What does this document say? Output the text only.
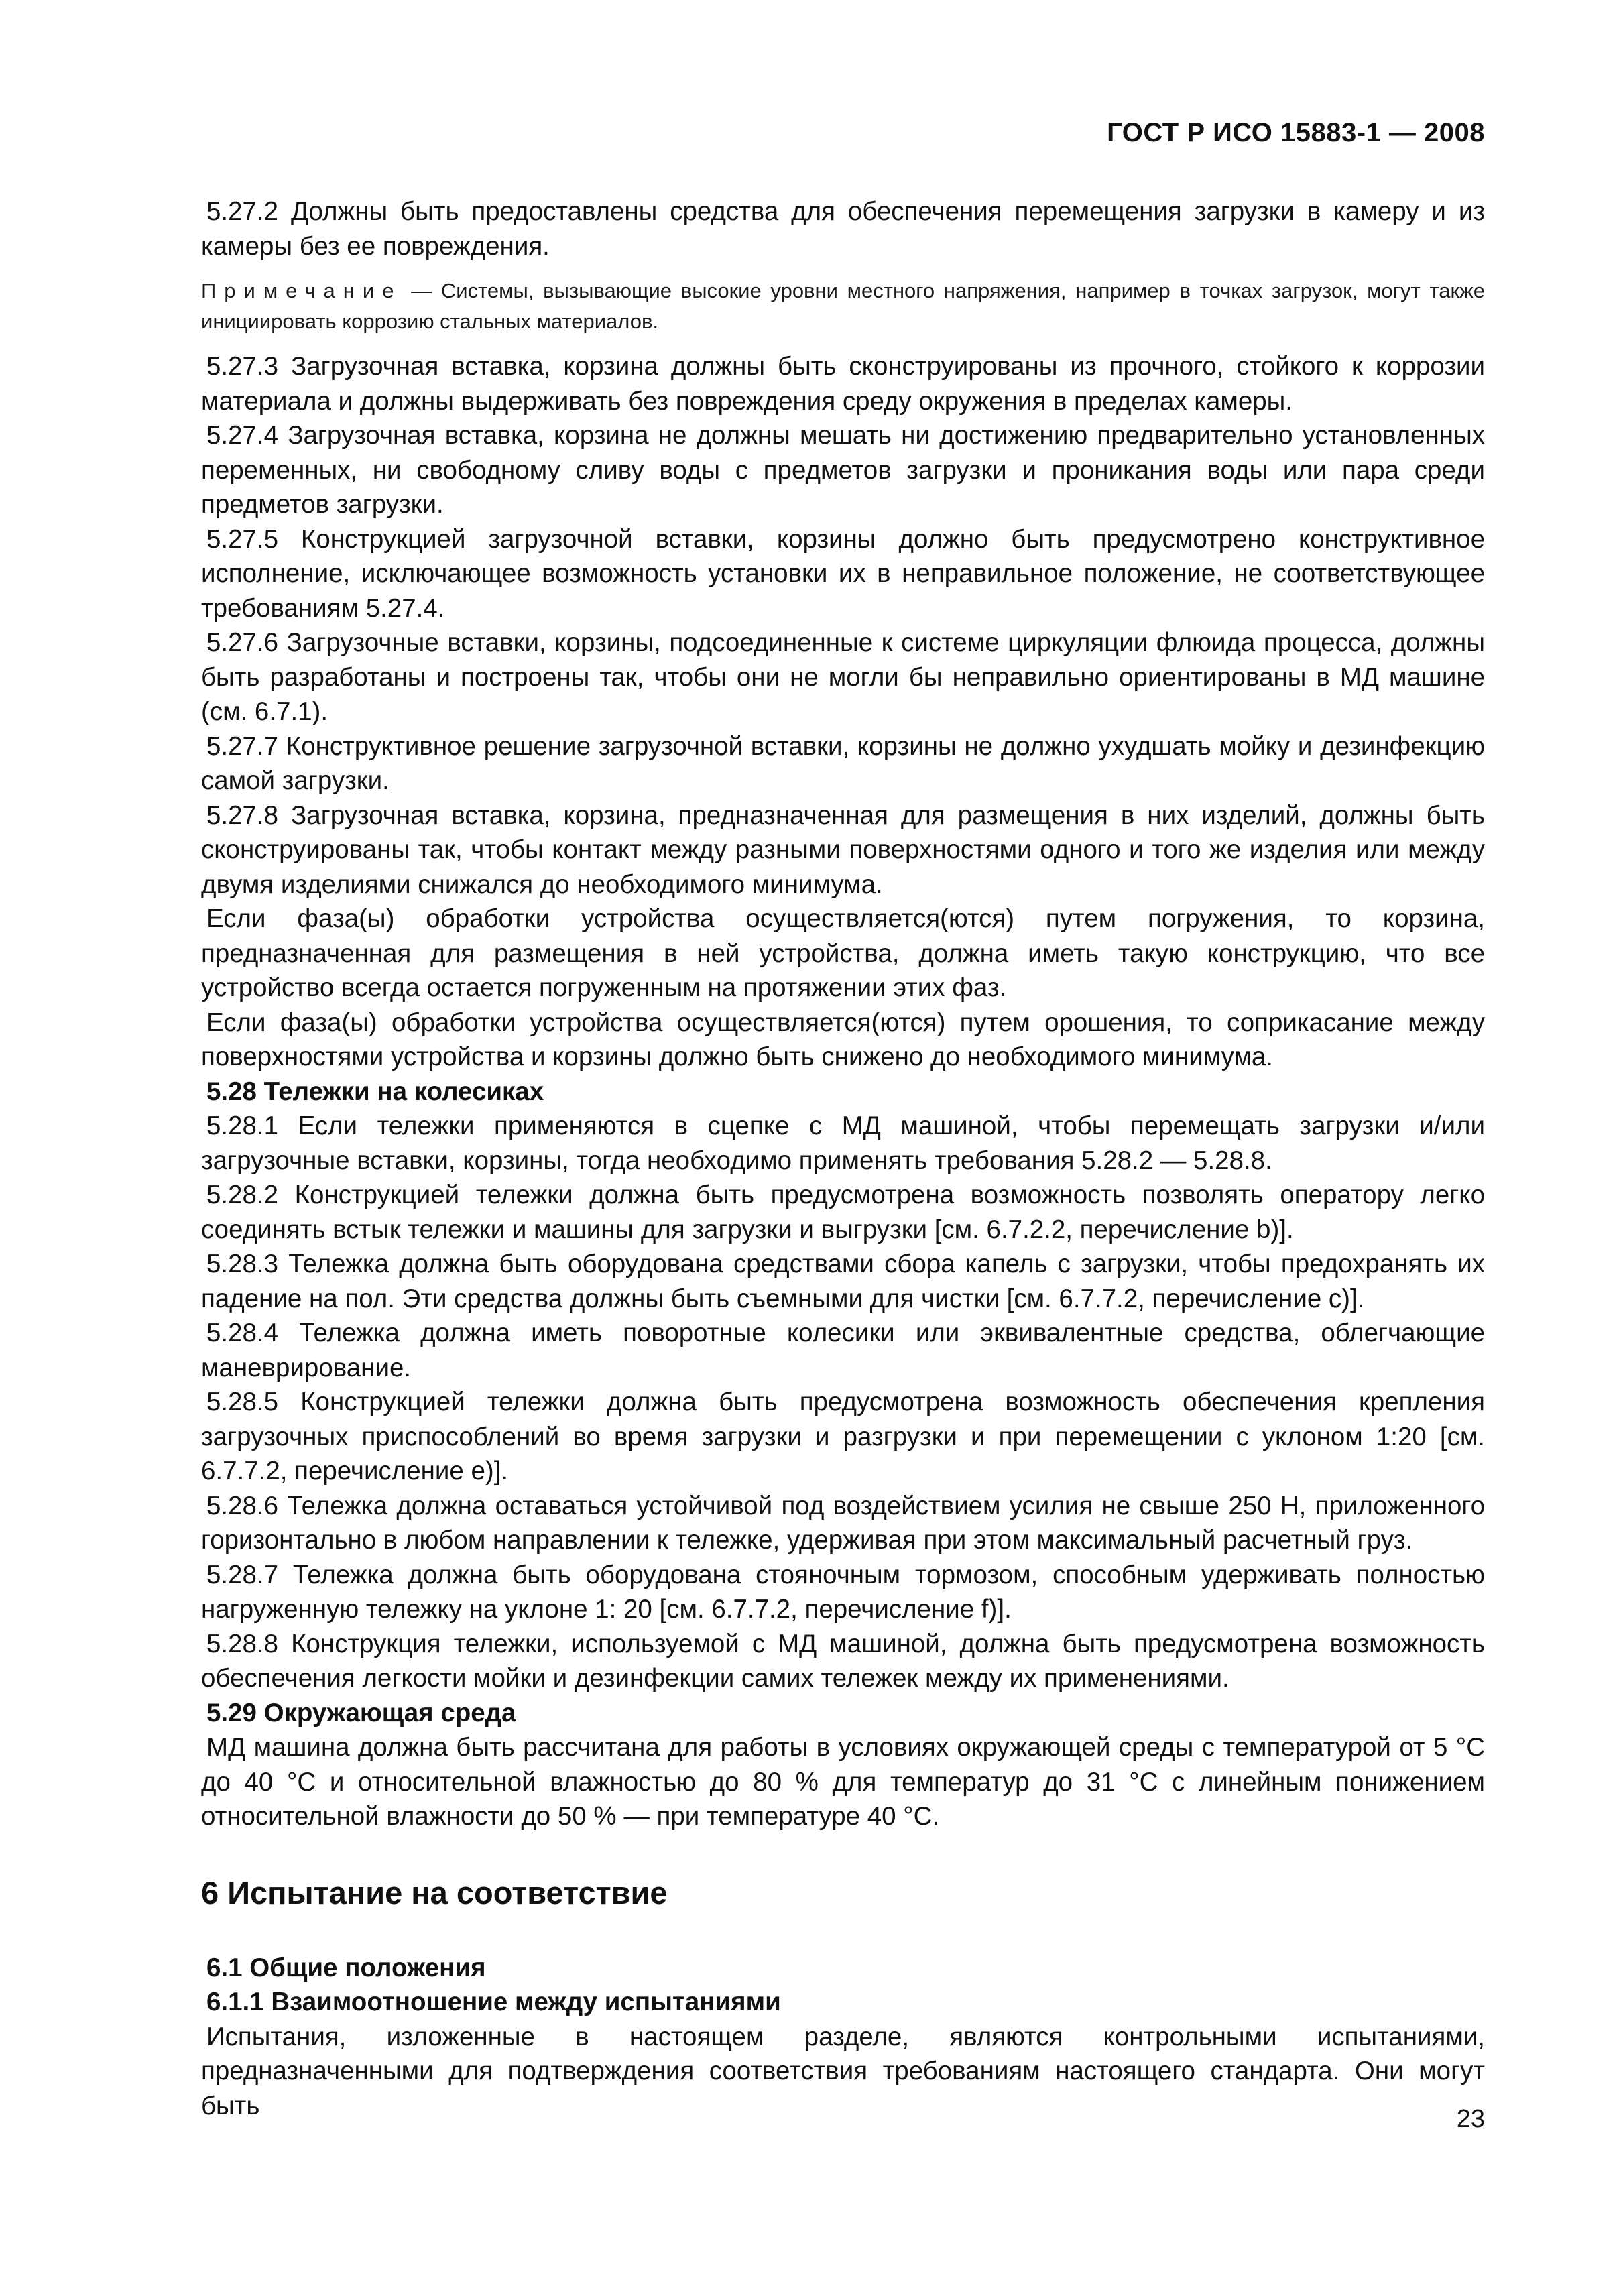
ГОСТ Р ИСО 15883-1 — 2008

5.27.2 Должны быть предоставлены средства для обеспечения перемещения загрузки в камеру и из камеры без ее повреждения.

Примечание — Системы, вызывающие высокие уровни местного напряжения, например в точках загрузок, могут также инициировать коррозию стальных материалов.

5.27.3 Загрузочная вставка, корзина должны быть сконструированы из прочного, стойкого к коррозии материала и должны выдерживать без повреждения среду окружения в пределах камеры.

5.27.4 Загрузочная вставка, корзина не должны мешать ни достижению предварительно установленных переменных, ни свободному сливу воды с предметов загрузки и проникания воды или пара среди предметов загрузки.

5.27.5 Конструкцией загрузочной вставки, корзины должно быть предусмотрено конструктивное исполнение, исключающее возможность установки их в неправильное положение, не соответствующее требованиям 5.27.4.

5.27.6 Загрузочные вставки, корзины, подсоединенные к системе циркуляции флюида процесса, должны быть разработаны и построены так, чтобы они не могли бы неправильно ориентированы в МД машине (см. 6.7.1).

5.27.7 Конструктивное решение загрузочной вставки, корзины не должно ухудшать мойку и дезинфекцию самой загрузки.

5.27.8 Загрузочная вставка, корзина, предназначенная для размещения в них изделий, должны быть сконструированы так, чтобы контакт между разными поверхностями одного и того же изделия или между двумя изделиями снижался до необходимого минимума.

Если фаза(ы) обработки устройства осуществляется(ются) путем погружения, то корзина, предназначенная для размещения в ней устройства, должна иметь такую конструкцию, что все устройство всегда остается погруженным на протяжении этих фаз.

Если фаза(ы) обработки устройства осуществляется(ются) путем орошения, то соприкасание между поверхностями устройства и корзины должно быть снижено до необходимого минимума.

5.28 Тележки на колесиках

5.28.1 Если тележки применяются в сцепке с МД машиной, чтобы перемещать загрузки и/или загрузочные вставки, корзины, тогда необходимо применять требования 5.28.2 — 5.28.8.

5.28.2 Конструкцией тележки должна быть предусмотрена возможность позволять оператору легко соединять встык тележки и машины для загрузки и выгрузки [см. 6.7.2.2, перечисление b)].

5.28.3 Тележка должна быть оборудована средствами сбора капель с загрузки, чтобы предохранять их падение на пол. Эти средства должны быть съемными для чистки [см. 6.7.7.2, перечисление c)].

5.28.4 Тележка должна иметь поворотные колесики или эквивалентные средства, облегчающие маневрирование.

5.28.5 Конструкцией тележки должна быть предусмотрена возможность обеспечения крепления загрузочных приспособлений во время загрузки и разгрузки и при перемещении с уклоном 1:20 [см. 6.7.7.2, перечисление e)].

5.28.6 Тележка должна оставаться устойчивой под воздействием усилия не свыше 250 Н, приложенного горизонтально в любом направлении к тележке, удерживая при этом максимальный расчетный груз.

5.28.7 Тележка должна быть оборудована стояночным тормозом, способным удерживать полностью нагруженную тележку на уклоне 1: 20 [см. 6.7.7.2, перечисление f)].

5.28.8 Конструкция тележки, используемой с МД машиной, должна быть предусмотрена возможность обеспечения легкости мойки и дезинфекции самих тележек между их применениями.

5.29 Окружающая среда

МД машина должна быть рассчитана для работы в условиях окружающей среды с температурой от 5 °С до 40 °С и относительной влажностью до 80 % для температур до 31 °С с линейным понижением относительной влажности до 50 % — при температуре 40 °С.

6 Испытание на соответствие

6.1 Общие положения

6.1.1 Взаимоотношение между испытаниями

Испытания, изложенные в настоящем разделе, являются контрольными испытаниями, предназначенными для подтверждения соответствия требованиям настоящего стандарта. Они могут быть	23
